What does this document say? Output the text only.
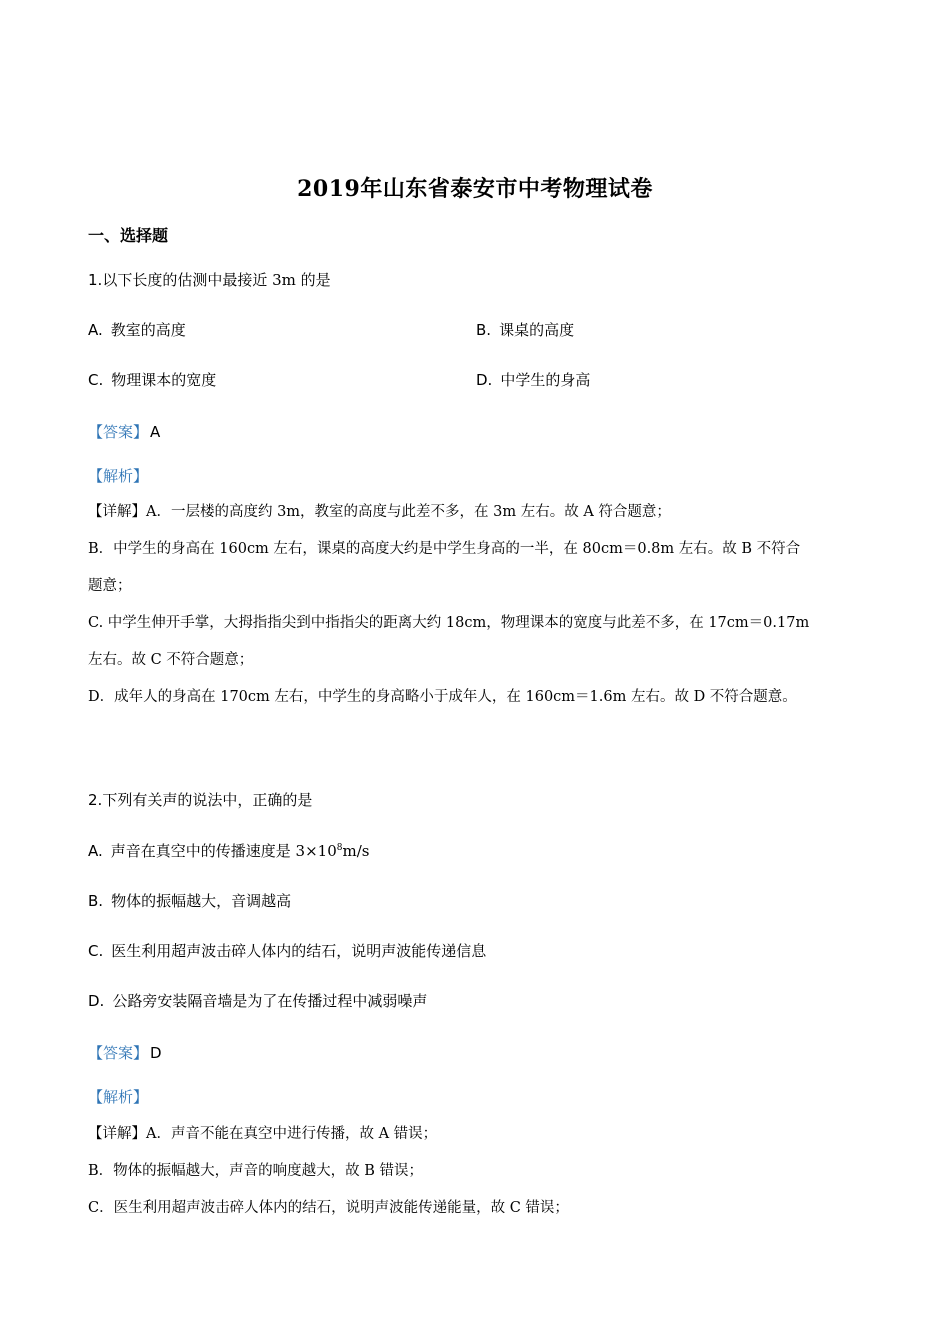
2019年山东省泰安市中考物理试卷
一、选择题
1.以下长度的估测中最接近 3m 的是
A. 教室的高度	B. 课桌的高度
C. 物理课本的宽度	D. 中学生的身高
【答案】 A
【解析】

【详解】A．一层楼的高度约 3m，教室的高度与此差不多，在 3m 左右。故 A 符合题意；

B．中学生的身高在 160cm 左右，课桌的高度大约是中学生身高的一半，在 80cm＝0.8m 左右。故 B 不符合

题意；

C. 中学生伸开手掌，大拇指指尖到中指指尖的距离大约 18cm，物理课本的宽度与此差不多，在 17cm＝0.17m

左右。故 C 不符合题意；

D．成年人的身高在 170cm 左右，中学生的身高略小于成年人，在 160cm＝1.6m 左右。故 D 不符合题意。

2.下列有关声的说法中，正确的是
A. 声音在真空中的传播速度是 $3\times 10^8m/s$
B. 物体的振幅越大，音调越高
C. 医生利用超声波击碎人体内的结石，说明声波能传递信息
D. 公路旁安装隔音墙是为了在传播过程中减弱噪声
【答案】 D
【解析】

【详解】A．声音不能在真空中进行传播，故 A 错误；

B．物体的振幅越大，声音的响度越大，故 B 错误；

C．医生利用超声波击碎人体内的结石，说明声波能传递能量，故 C 错误；
